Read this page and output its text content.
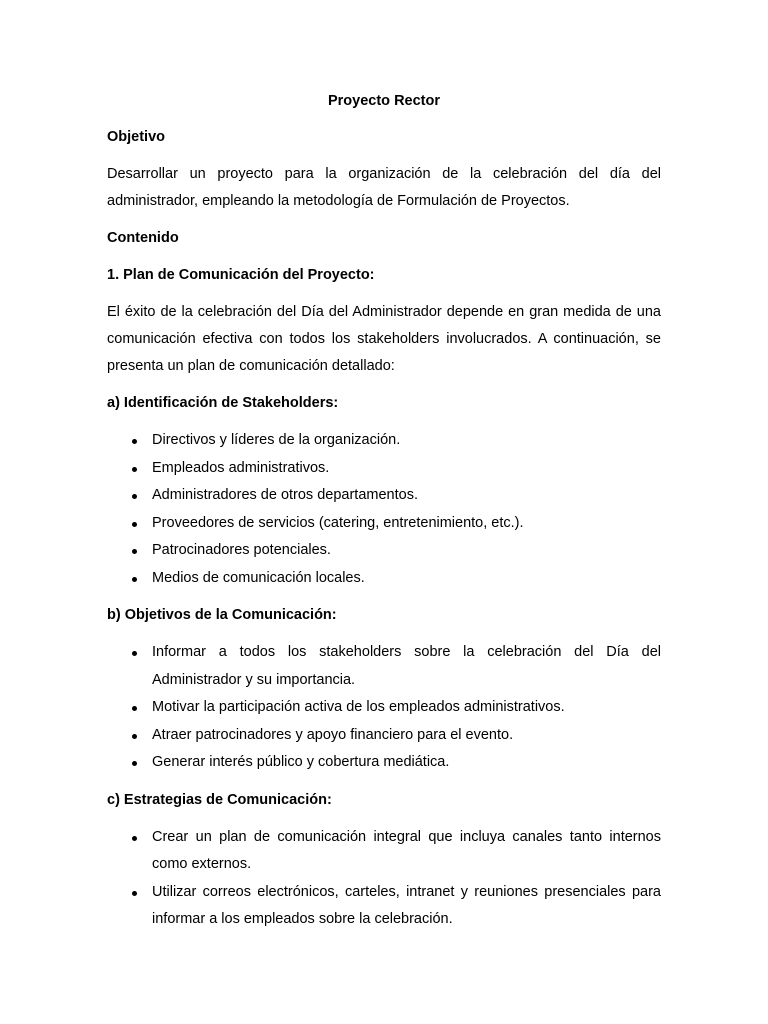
Proyecto Rector
Objetivo
Desarrollar un proyecto para la organización de la celebración del día del administrador, empleando la metodología de Formulación de Proyectos.
Contenido
1. Plan de Comunicación del Proyecto:
El éxito de la celebración del Día del Administrador depende en gran medida de una comunicación efectiva con todos los stakeholders involucrados. A continuación, se presenta un plan de comunicación detallado:
a) Identificación de Stakeholders:
Directivos y líderes de la organización.
Empleados administrativos.
Administradores de otros departamentos.
Proveedores de servicios (catering, entretenimiento, etc.).
Patrocinadores potenciales.
Medios de comunicación locales.
b) Objetivos de la Comunicación:
Informar a todos los stakeholders sobre la celebración del Día del Administrador y su importancia.
Motivar la participación activa de los empleados administrativos.
Atraer patrocinadores y apoyo financiero para el evento.
Generar interés público y cobertura mediática.
c) Estrategias de Comunicación:
Crear un plan de comunicación integral que incluya canales tanto internos como externos.
Utilizar correos electrónicos, carteles, intranet y reuniones presenciales para informar a los empleados sobre la celebración.
